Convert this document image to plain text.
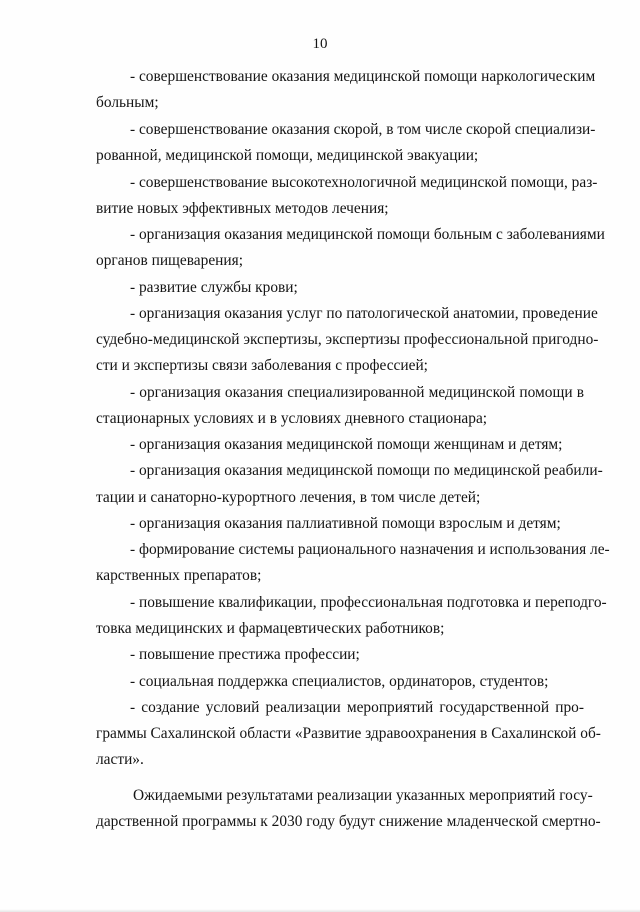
10
- совершенствование оказания медицинской помощи наркологическим
больным;
- совершенствование оказания скорой, в том числе скорой специализи-
рованной, медицинской помощи, медицинской эвакуации;
- совершенствование высокотехнологичной медицинской помощи, раз-
витие новых эффективных методов лечения;
- организация оказания медицинской помощи больным с заболеваниями
органов пищеварения;
- развитие службы крови;
- организация оказания услуг по патологической анатомии, проведение
судебно-медицинской экспертизы, экспертизы профессиональной пригодно-
сти и экспертизы связи заболевания с профессией;
- организация оказания специализированной медицинской помощи в
стационарных условиях и в условиях дневного стационара;
- организация оказания медицинской помощи женщинам и детям;
- организация оказания медицинской помощи по медицинской реабили-
тации и санаторно-курортного лечения, в том числе детей;
- организация оказания паллиативной помощи взрослым и детям;
- формирование системы рационального назначения и использования ле-
карственных препаратов;
- повышение квалификации, профессиональная подготовка и переподго-
товка медицинских и фармацевтических работников;
- повышение престижа профессии;
- социальная поддержка специалистов, ординаторов, студентов;
- создание условий реализации мероприятий государственной про-
граммы Сахалинской области «Развитие здравоохранения в Сахалинской об-
ласти».
Ожидаемыми результатами реализации указанных мероприятий госу-
дарственной программы к 2030 году будут снижение младенческой смертно-
